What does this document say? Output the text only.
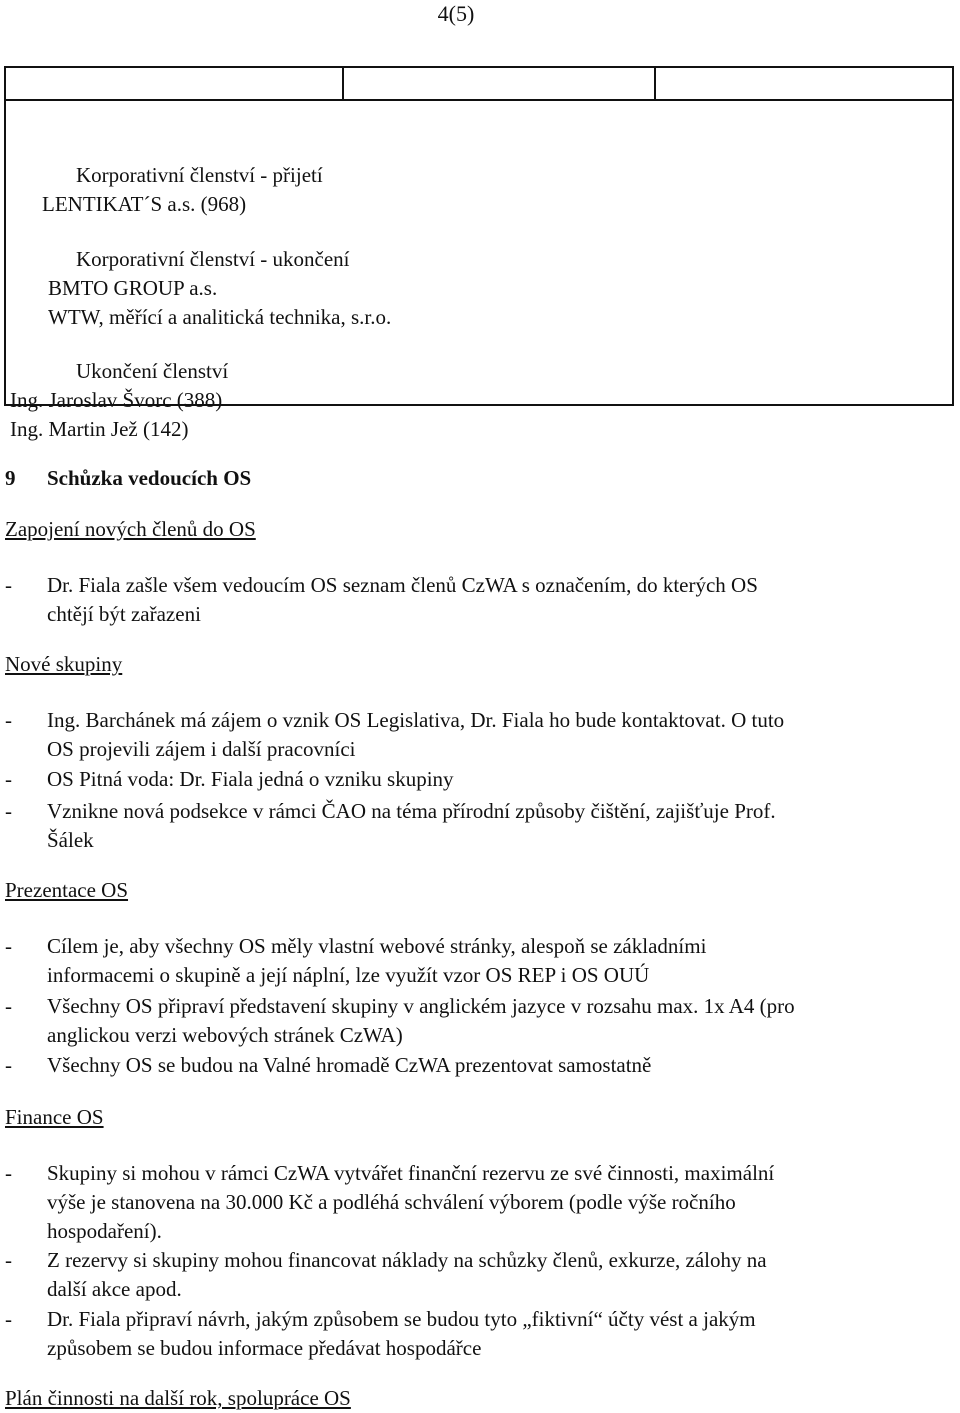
4(5)
Korporativní členství - přijetí
LENTIKAT´S a.s. (968)
Korporativní členství - ukončení
BMTO GROUP a.s.
WTW, měřící a analitická technika, s.r.o.
Ukončení členství
Ing. Jaroslav Švorc (388)
Ing. Martin Jež (142)
9 Schůzka vedoucích OS
Zapojení nových členů do OS
- Dr. Fiala zašle všem vedoucím OS seznam členů CzWA s označením, do kterých OS
chtějí být zařazeni
Nové skupiny
- Ing. Barchánek má zájem o vznik OS Legislativa, Dr. Fiala ho bude kontaktovat. O tuto
OS projevili zájem i další pracovníci
- OS Pitná voda: Dr. Fiala jedná o vzniku skupiny
- Vznikne nová podsekce v rámci ČAO na téma přírodní způsoby čištění, zajišťuje Prof.
Šálek
Prezentace OS
- Cílem je, aby všechny OS měly vlastní webové stránky, alespoň se základními
informacemi o skupině a její náplní, lze využít vzor OS REP i OS OUÚ
- Všechny OS připraví představení skupiny v anglickém jazyce v rozsahu max. 1x A4 (pro
anglickou verzi webových stránek CzWA)
- Všechny OS se budou na Valné hromadě CzWA prezentovat samostatně
Finance OS
- Skupiny si mohou v rámci CzWA vytvářet finanční rezervu ze své činnosti, maximální
výše je stanovena na 30.000 Kč a podléhá schválení výborem (podle výše ročního
hospodaření).
- Z rezervy si skupiny mohou financovat náklady na schůzky členů, exkurze, zálohy na
další akce apod.
- Dr. Fiala připraví návrh, jakým způsobem se budou tyto „fiktivní“ účty vést a jakým
způsobem se budou informace předávat hospodářce
Plán činnosti na další rok, spolupráce OS
